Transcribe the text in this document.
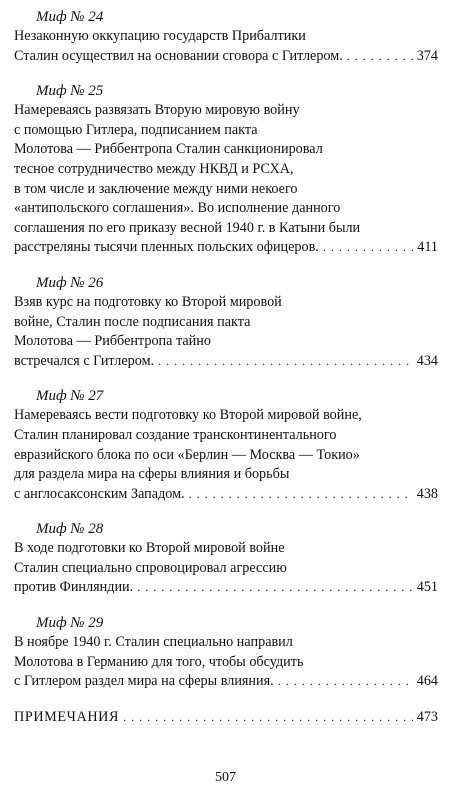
Миф № 24
Незаконную оккупацию государств Прибалтики
Сталин осуществил на основании сговора с Гитлером. . . .	374
Миф № 25
Намереваясь развязать Вторую мировую войну
с помощью Гитлера, подписанием пакта
Молотова — Риббентропа Сталин санкционировал
тесное сотрудничество между НКВД и РСХА,
в том числе и заключение между ними некоего
«антипольского соглашения». Во исполнение данного
соглашения по его приказу весной 1940 г. в Катыни были
расстреляны тысячи пленных польских офицеров. . . .	411
Миф № 26
Взяв курс на подготовку ко Второй мировой
войне, Сталин после подписания пакта
Молотова — Риббентропа тайно
встречался с Гитлером. . . .	434
Миф № 27
Намереваясь вести подготовку ко Второй мировой войне,
Сталин планировал создание трансконтинентального
евразийского блока по оси «Берлин — Москва — Токио»
для раздела мира на сферы влияния и борьбы
с англосаксонским Западом. . . .	438
Миф № 28
В ходе подготовки ко Второй мировой войне
Сталин специально спровоцировал агрессию
против Финляндии. . . .	451
Миф № 29
В ноябре 1940 г. Сталин специально направил
Молотова в Германию для того, чтобы обсудить
с Гитлером раздел мира на сферы влияния. . . .	464
ПРИМЕЧАНИЯ . . .	473
507
